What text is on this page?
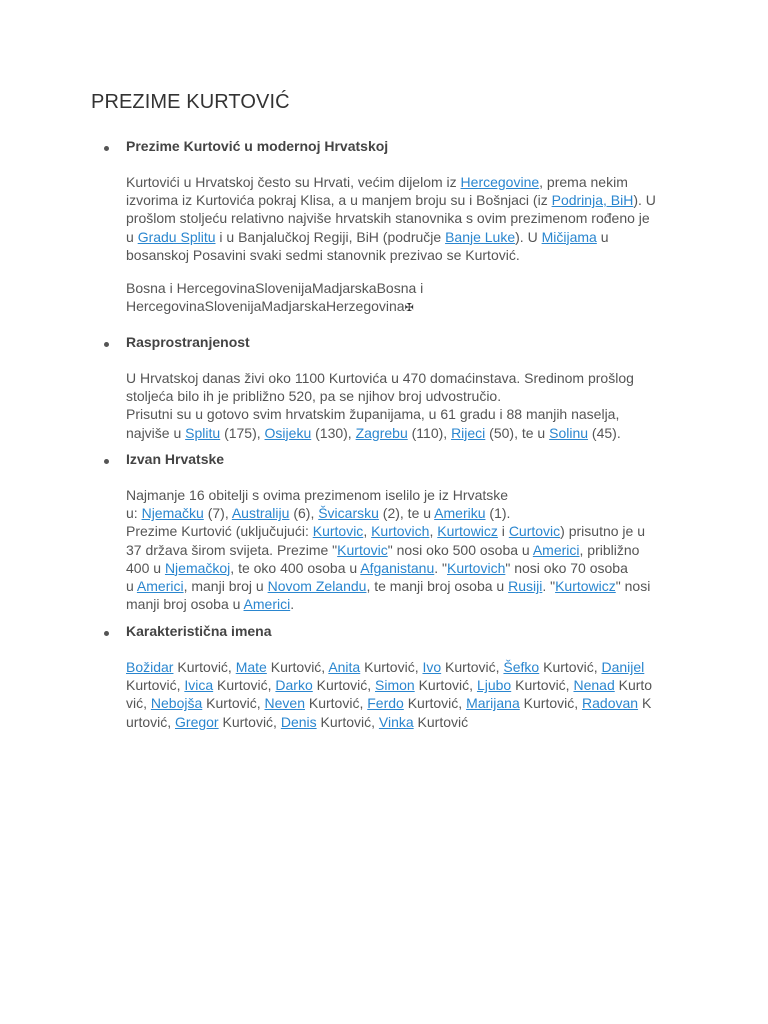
PREZIME KURTOVIĆ
Prezime Kurtović u modernoj Hrvatskoj

Kurtovići u Hrvatskoj često su Hrvati, većim dijelom iz Hercegovine, prema nekim
izvorima iz Kurtovića pokraj Klisa, a u manjem broju su i Bošnjaci (iz Podrinja, BiH). U
prošlom stoljeću relativno najviše hrvatskih stanovnika s ovim prezimenom rođeno je
u Gradu Splitu i u Banjalučkoj Regiji, BiH (područje Banje Luke). U Mičijama u
bosanskoj Posavini svaki sedmi stanovnik prezivao se Kurtović.

Bosna i HercegovinaSlovenijaMadjarskaBosna i
HercegovinaSlovenijaMadjarskaHerzegovina✠

Rasprostranjenost

U Hrvatskoj danas živi oko 1100 Kurtovića u 470 domaćinstava. Sredinom prošlog
stoljeća bilo ih je približno 520, pa se njihov broj udvostručio.
Prisutni su u gotovo svim hrvatskim županijama, u 61 gradu i 88 manjih naselja,
najviše u Splitu (175), Osijeku (130), Zagrebu (110), Rijeci (50), te u Solinu (45).

Izvan Hrvatske

Najmanje 16 obitelji s ovima prezimenom iselilo je iz Hrvatske
u: Njemačku (7), Australiju (6), Švicarsku (2), te u Ameriku (1).
Prezime Kurtović (uključujući: Kurtovic, Kurtovich, Kurtowicz i Curtovic) prisutno je u
37 država širom svijeta. Prezime "Kurtovic" nosi oko 500 osoba u Americi, približno
400 u Njemačkoj, te oko 400 osoba u Afganistanu. "Kurtovich" nosi oko 70 osoba
u Americi, manji broj u Novom Zelandu, te manji broj osoba u Rusiji. "Kurtowicz" nosi
manji broj osoba u Americi.

Karakteristična imena

Božidar Kurtović, Mate Kurtović, Anita Kurtović, Ivo Kurtović, Šefko Kurtović, Danijel
Kurtović, Ivica Kurtović, Darko Kurtović, Simon Kurtović, Ljubo Kurtović, Nenad Kurto
vić, Nebojša Kurtović, Neven Kurtović, Ferdo Kurtović, Marijana Kurtović, Radovan K
urtović, Gregor Kurtović, Denis Kurtović, Vinka Kurtović
